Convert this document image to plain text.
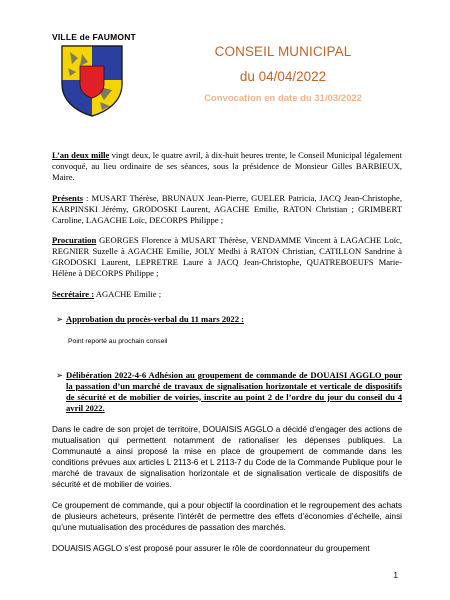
VILLE de FAUMONT
CONSEIL MUNICIPAL
du 04/04/2022
Convocation en date du 31/03/2022

L’an deux mille vingt deux, le quatre avril, à dix-huit heures trente, le Conseil Municipal légalement convoqué, au lieu ordinaire de ses séances, sous la présidence de Monsieur Gilles BARBIEUX, Maire.

Présents : MUSART Thérèse, BRUNAUX Jean-Pierre, GUELER Patricia, JACQ Jean-Christophe, KARPINSKI Jérémy, GRODOSKI Laurent, AGACHE Emilie, RATON Christian ; GRIMBERT Caroline, LAGACHE Loïc, DECORPS Philippe ;

Procuration GEORGES Florence à MUSART Thérèse, VENDAMME Vincent à LAGACHE Loïc, REGNIER Suzelle à AGACHE Emilie, JOLY Medhi à RATON Christian, CATILLON Sandrine à GRODOSKI Laurent, LEPRETRE Laure à JACQ Jean-Christophe, QUATREBOEUFS Marie-Hélène à DECORPS Philippe ;

Secrétaire : AGACHE Emilie ;

➢ Approbation du procès-verbal du 11 mars 2022 :
Point reporté au prochain conseil
➢ Délibération 2022-4-6 Adhésion au groupement de commande de DOUAISI AGGLO pour la passation d’un marché de travaux de signalisation horizontale et verticale de dispositifs de sécurité et de mobilier de voiries, inscrite au point 2 de l’ordre du jour du conseil du 4 avril 2022.

Dans le cadre de son projet de territoire, DOUAISIS AGGLO a décidé d’engager des actions de mutualisation qui permettent notamment de rationaliser les dépenses publiques. La Communauté a ainsi proposé la mise en place de groupement de commande dans les conditions prévues aux articles L 2113-6 et L 2113-7 du Code de la Commande Publique pour le marché de travaux de signalisation horizontale et de signalisation verticale de dispositifs de sécurité et de mobilier de voiries.

Ce groupement de commande, qui a pour objectif la coordination et le regroupement des achats de plusieurs acheteurs, présente l’intérêt de permettre des effets d’économies d’échelle, ainsi qu’une mutualisation des procédures de passation des marchés.

DOUAISIS AGGLO s’est proposé pour assurer le rôle de coordonnateur du groupement

1
